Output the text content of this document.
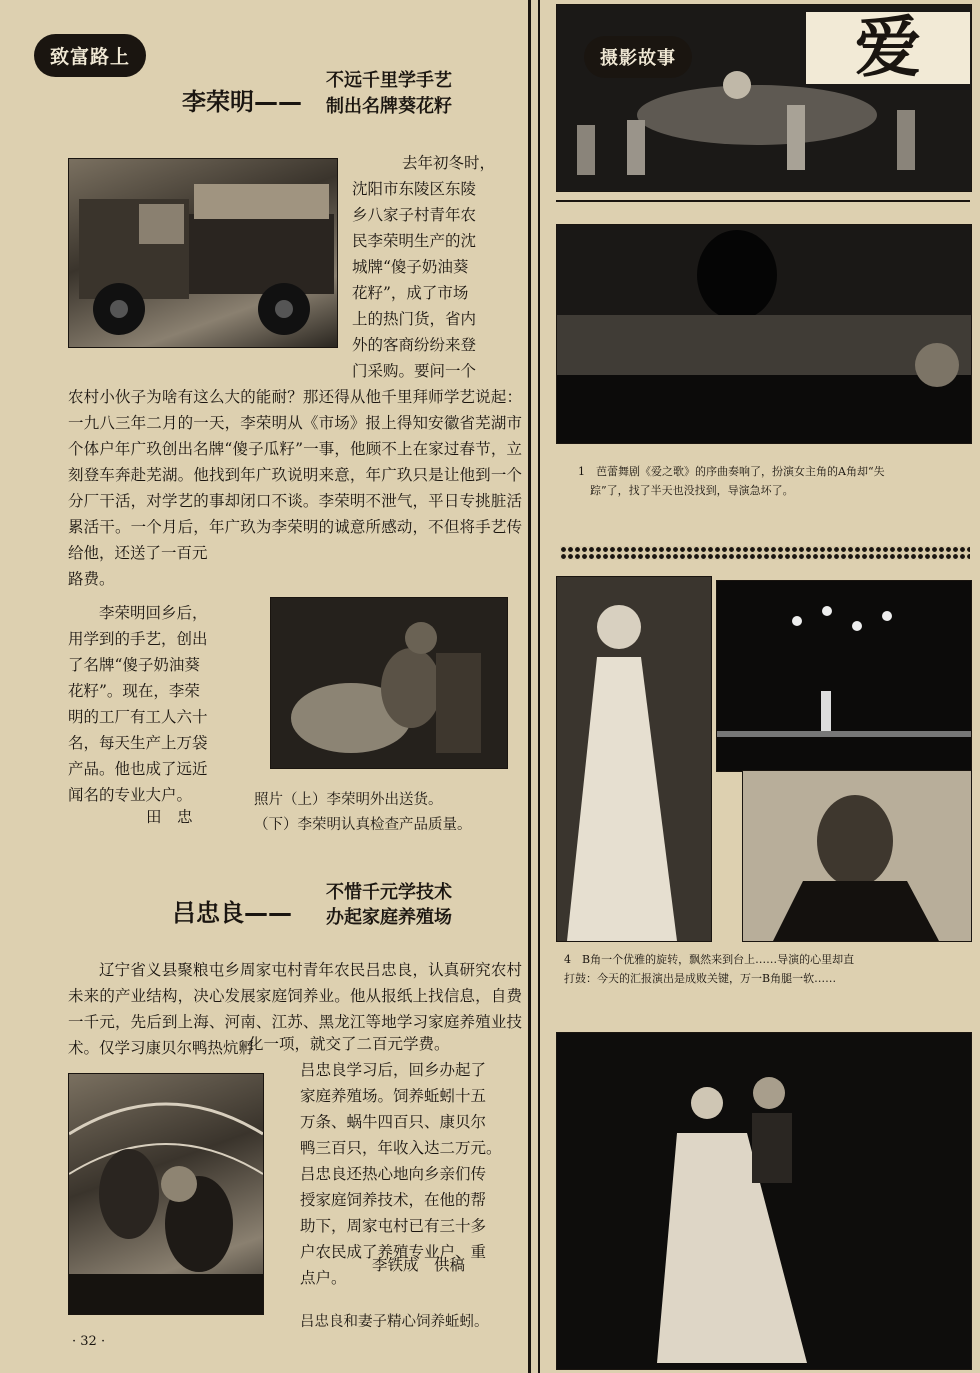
致富路上
李荣明——
不远千里学手艺
制出名牌葵花籽
去年初冬时，
沈阳市东陵区东陵
乡八家子村青年农
民李荣明生产的沈
城牌“傻子奶油葵
花籽”，成了市场
上的热门货，省内
外的客商纷纷来登
门采购。要问一个
农村小伙子为啥有这么大的能耐？那还得从他千里拜师学艺说起：一九八三年二月的一天，李荣明从《市场》报上得知安徽省芜湖市个体户年广玖创出名牌“傻子瓜籽”一事，他顾不上在家过春节，立刻登车奔赴芜湖。他找到年广玖说明来意，年广玖只是让他到一个分厂干活，对学艺的事却闭口不谈。李荣明不泄气，平日专挑脏活累活干。一个月后，年广玖为李荣明的诚意所感动，不但将手艺传给他，还送了一百元
路费。
李荣明回乡后，
用学到的手艺，创出
了名牌“傻子奶油葵
花籽”。现在，李荣
明的工厂有工人六十
名，每天生产上万袋
产品。他也成了远近
闻名的专业大户。
田　忠
照片（上）李荣明外出送货。
（下）李荣明认真检查产品质量。
吕忠良——
不惜千元学技术
办起家庭养殖场
辽宁省义县聚粮屯乡周家屯村青年农民吕忠良，认真研究农村未来的产业结构，决心发展家庭饲养业。他从报纸上找信息，自费一千元，先后到上海、河南、江苏、黑龙江等地学习家庭养殖业技术。仅学习康贝尔鸭热炕孵
化一项，就交了二百元学费。
吕忠良学习后，回乡办起了
家庭养殖场。饲养蚯蚓十五
万条、蜗牛四百只、康贝尔
鸭三百只，年收入达二万元。
吕忠良还热心地向乡亲们传
授家庭饲养技术，在他的帮
助下，周家屯村已有三十多
户农民成了养殖专业户、重
点户。
李铁成　供稿
吕忠良和妻子精心饲养蚯蚓。
· 32 ·
摄影故事	爱
1　芭蕾舞剧《爱之歌》的序曲奏响了，扮演女主角的A角却“失
踪”了，找了半天也没找到，导演急坏了。
4　B角一个优雅的旋转，飘然来到台上……导演的心里却直
打鼓：今天的汇报演出是成败关键，万一B角腿一软……
